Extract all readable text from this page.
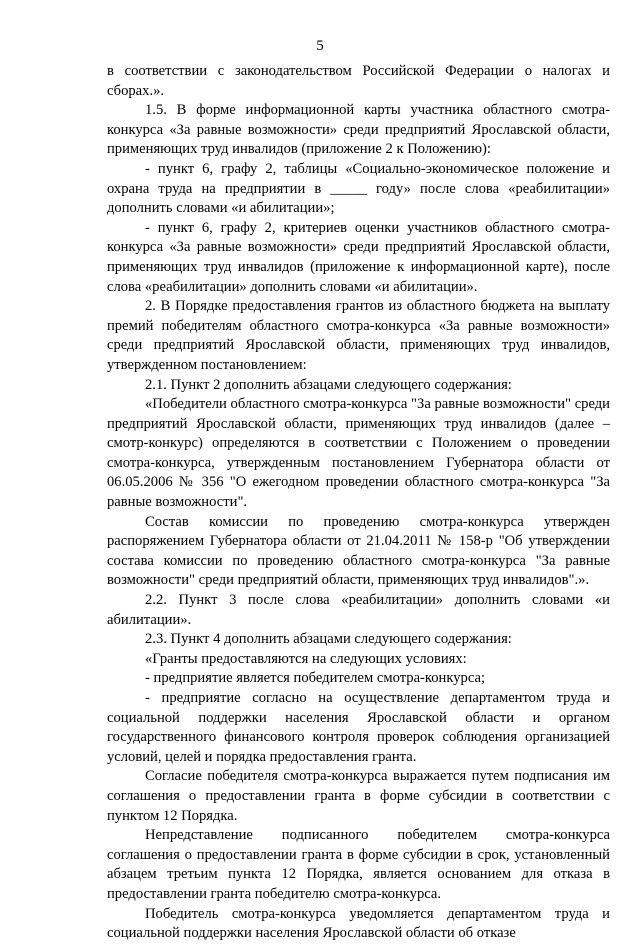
5

в соответствии с законодательством Российской Федерации о налогах и сборах.».

1.5. В форме информационной карты участника областного смотра-конкурса «За равные возможности» среди предприятий Ярославской области, применяющих труд инвалидов (приложение 2 к Положению):

- пункт 6, графу 2, таблицы «Социально-экономическое положение и охрана труда на предприятии в _____ году» после слова «реабилитации» дополнить словами «и абилитации»;

- пункт 6, графу 2, критериев оценки участников областного смотра-конкурса «За равные возможности» среди предприятий Ярославской области, применяющих труд инвалидов (приложение к информационной карте), после слова «реабилитации» дополнить словами «и абилитации».

2. В Порядке предоставления грантов из областного бюджета на выплату премий победителям областного смотра-конкурса «За равные возможности» среди предприятий Ярославской области, применяющих труд инвалидов, утвержденном постановлением:

2.1. Пункт 2 дополнить абзацами следующего содержания:

«Победители областного смотра-конкурса "За равные возможности" среди предприятий Ярославской области, применяющих труд инвалидов (далее – смотр-конкурс) определяются в соответствии с Положением о проведении смотра-конкурса, утвержденным постановлением Губернатора области от 06.05.2006 № 356 "О ежегодном проведении областного смотра-конкурса "За равные возможности".

Состав комиссии по проведению смотра-конкурса утвержден распоряжением Губернатора области от 21.04.2011 № 158-р "Об утверждении состава комиссии по проведению областного смотра-конкурса "За равные возможности" среди предприятий области, применяющих труд инвалидов".».

2.2. Пункт 3 после слова «реабилитации» дополнить словами «и абилитации».

2.3. Пункт 4 дополнить абзацами следующего содержания:

«Гранты предоставляются на следующих условиях:

- предприятие является победителем смотра-конкурса;

- предприятие согласно на осуществление департаментом труда и социальной поддержки населения Ярославской области и органом государственного финансового контроля проверок соблюдения организацией условий, целей и порядка предоставления гранта.

Согласие победителя смотра-конкурса выражается путем подписания им соглашения о предоставлении гранта в форме субсидии в соответствии с пунктом 12 Порядка.

Непредставление подписанного победителем смотра-конкурса соглашения о предоставлении гранта в форме субсидии в срок, установленный абзацем третьим пункта 12 Порядка, является основанием для отказа в предоставлении гранта победителю смотра-конкурса.

Победитель смотра-конкурса уведомляется департаментом труда и социальной поддержки населения Ярославской области об отказе
